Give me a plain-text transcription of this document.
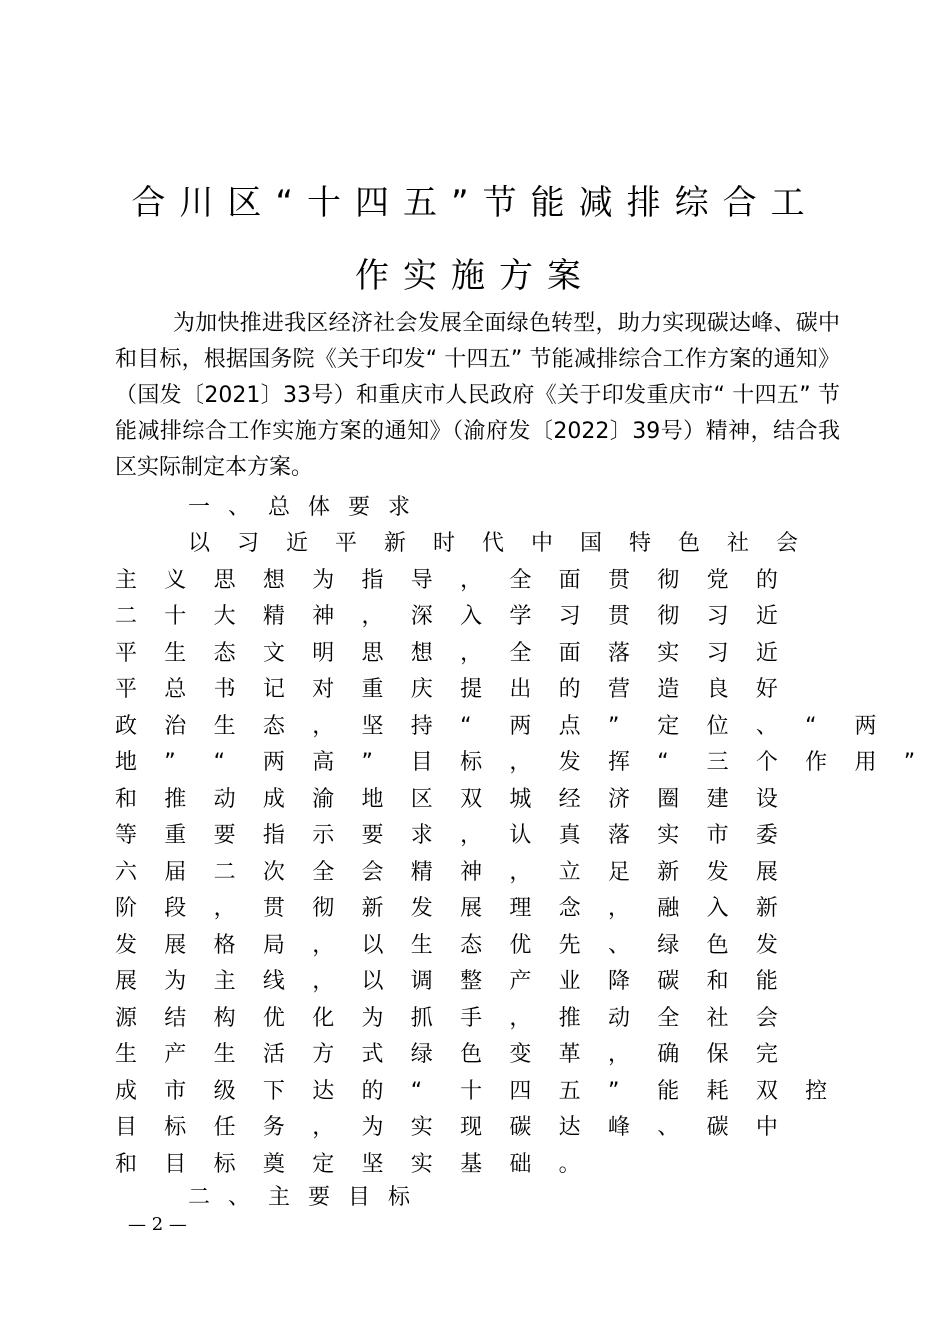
合川区“十四五”节能减排综合工
作实施方案
为加快推进我区经济社会发展全面绿色转型，助力实现碳达峰、碳中和目标，根据国务院《关于印发“ 十四五” 节能减排综合工作方案的通知》（国发〔2021〕33号）和重庆市人民政府《关于印发重庆市“ 十四五” 节能减排综合工作实施方案的通知》（渝府发〔2022〕39号）精神，结合我区实际制定本方案。
一、总体要求
以 习 近 平 新 时 代 中 国 特 色 社 会
主 义 思 想 为 指 导 ， 全 面 贯 彻 党 的
二 十 大 精 神 ， 深 入 学 习 贯 彻 习 近
平 生 态 文 明 思 想 ， 全 面 落 实 习 近
平 总 书 记 对 重 庆 提 出 的 营 造 良 好
政 治 生 态 ， 坚 持 “ 两 点 ” 定 位 、 “ 两
地 ” “ 两 高 ” 目 标 ， 发 挥 “ 三 个 作 用 ”
和 推 动 成 渝 地 区 双 城 经 济 圈 建 设
等 重 要 指 示 要 求 ， 认 真 落 实 市 委
六 届 二 次 全 会 精 神 ， 立 足 新 发 展
阶 段 ， 贯 彻 新 发 展 理 念 ， 融 入 新
发 展 格 局 ， 以 生 态 优 先 、 绿 色 发
展 为 主 线 ， 以 调 整 产 业 降 碳 和 能
源 结 构 优 化 为 抓 手 ， 推 动 全 社 会
生 产 生 活 方 式 绿 色 变 革 ， 确 保 完
成 市 级 下 达 的 “ 十 四 五 ” 能 耗 双 控
目 标 任 务 ， 为 实 现 碳 达 峰 、 碳 中
和 目 标 奠 定 坚 实 基 础 。
二、主要目标
— 2 —
